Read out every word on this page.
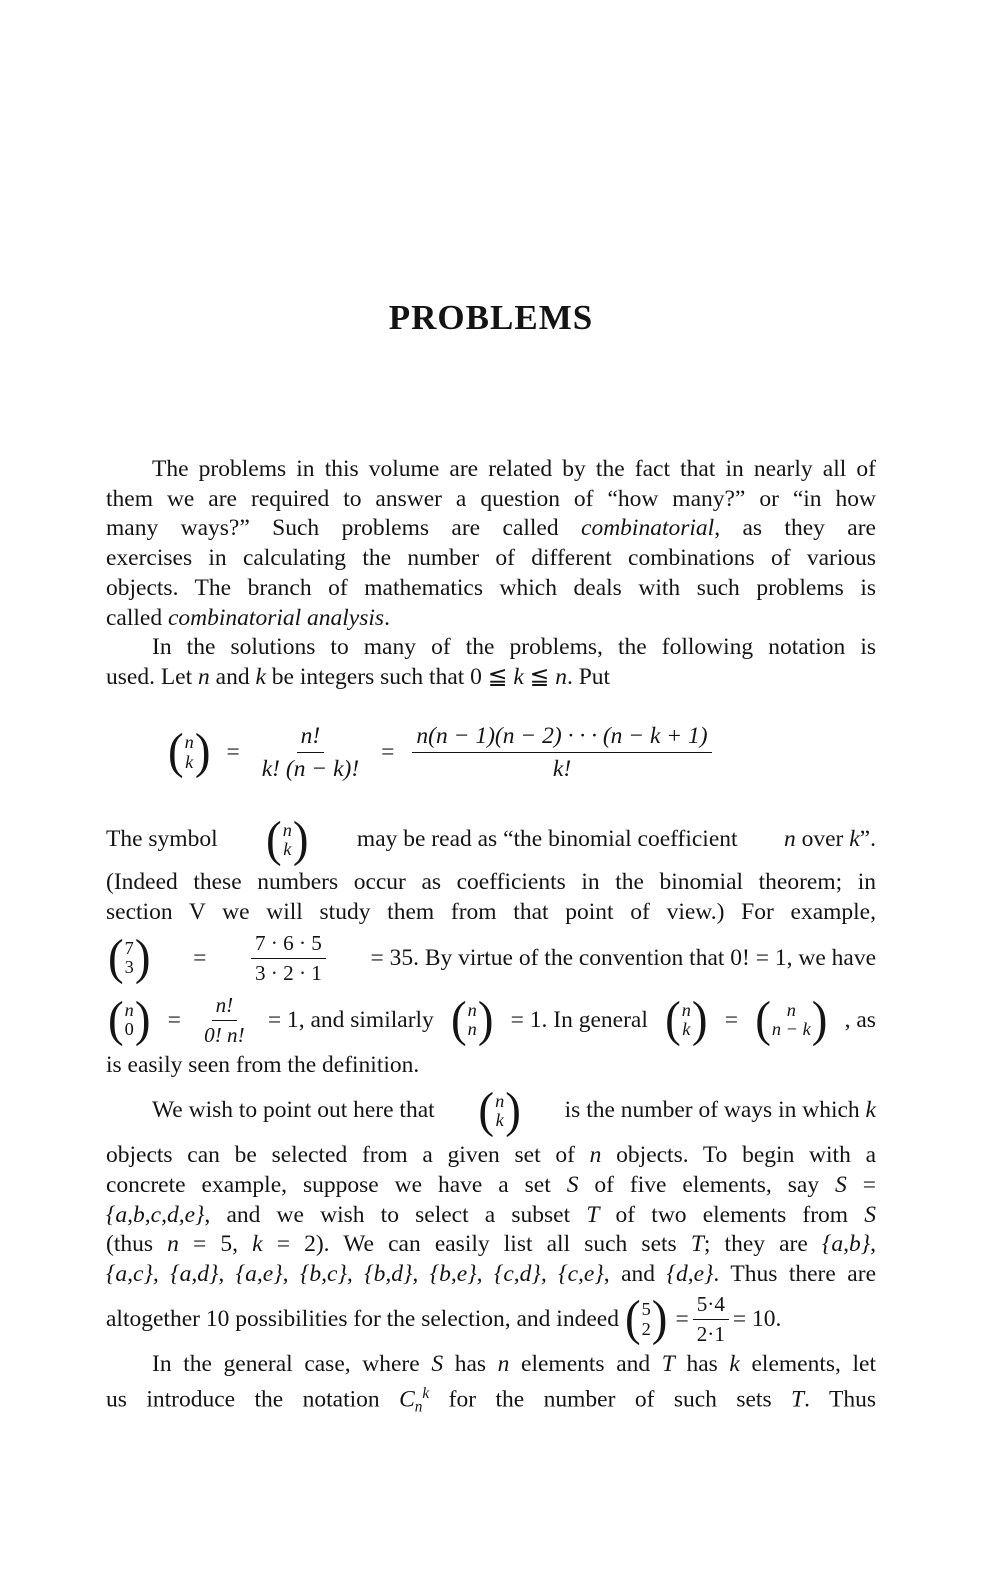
PROBLEMS
The problems in this volume are related by the fact that in nearly all of
them we are required to answer a question of “how many?” or “in how
many ways?” Such problems are called combinatorial, as they are
exercises in calculating the number of different combinations of various
objects. The branch of mathematics which deals with such problems is
called combinatorial analysis.
In the solutions to many of the problems, the following notation is
used. Let n and k be integers such that 0 ≦ k ≦ n. Put
( n
k ) = $\frac{n!}{k! (n - k)!} = \frac{n(n - 1)(n - 2) \cdot \cdot \cdot (n - k + 1)}{k!}$
The symbol ( n
k ) may be read as “the binomial coefficient n over k”.
(Indeed these numbers occur as coefficients in the binomial theorem; in
section V we will study them from that point of view.) For example,
( 7
3 ) = $\frac{7 \cdot 6 \cdot 5}{3 \cdot 2 \cdot 1} = 35$. By virtue of the convention that 0! = 1, we have
( n
0 ) = $\frac{n!}{0! n!} = 1$, and similarly ( n
n ) = 1. In general ( n
k ) = ( n
n − k ) , as
is easily seen from the definition.
We wish to point out here that ( n
k ) is the number of ways in which k
objects can be selected from a given set of n objects. To begin with a
concrete example, suppose we have a set S of five elements, say S =
{a,b,c,d,e}, and we wish to select a subset T of two elements from S
(thus n = 5, k = 2). We can easily list all such sets T; they are {a,b},
{a,c}, {a,d}, {a,e}, {b,c}, {b,d}, {b,e}, {c,d}, {c,e}, and {d,e}. Thus there are
altogether 10 possibilities for the selection, and indeed ( 5
2 ) = $\frac{5\cdot 4}{2\cdot 1} = 10$.
In the general case, where S has n elements and T has k elements, let
us introduce the notation $C_n^k$ for the number of such sets T. Thus
